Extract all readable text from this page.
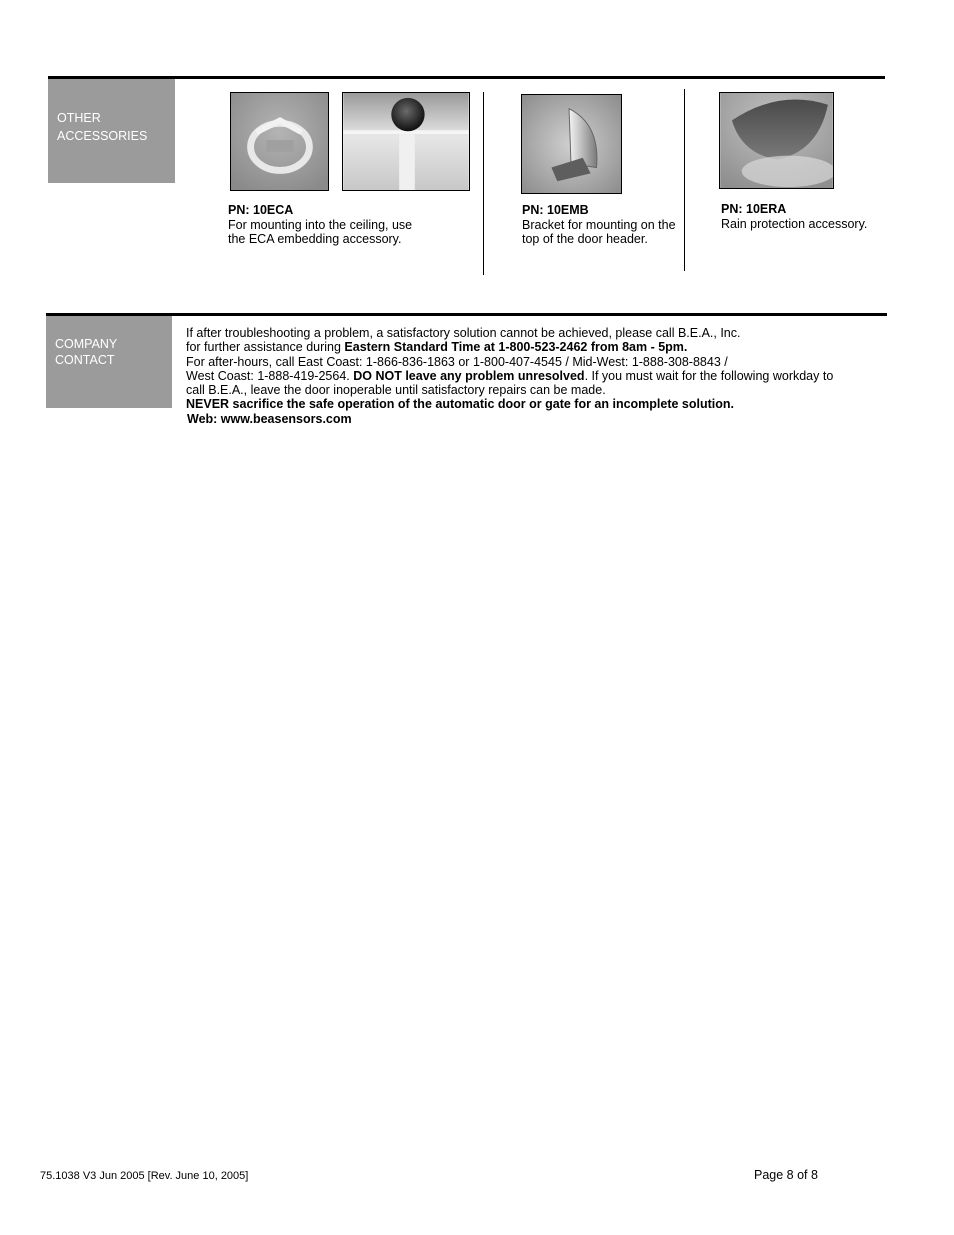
OTHER
ACCESSORIES
PN: 10ECA
For mounting into the ceiling, use
the ECA embedding accessory.
PN: 10EMB
Bracket for mounting on the
top of the door header.
PN: 10ERA
Rain protection accessory.
COMPANY
CONTACT
If after troubleshooting a problem, a satisfactory solution cannot be achieved, please call B.E.A., Inc.
for further assistance during Eastern Standard Time at 1-800-523-2462 from 8am - 5pm.
For after-hours, call East Coast: 1-866-836-1863 or 1-800-407-4545 / Mid-West: 1-888-308-8843 /
West Coast: 1-888-419-2564. DO NOT leave any problem unresolved. If you must wait for the following workday to
call B.E.A., leave the door inoperable until satisfactory repairs can be made.
NEVER sacrifice the safe operation of the automatic door or gate for an incomplete solution.
Web: www.beasensors.com
75.1038 V3 Jun 2005 [Rev. June 10, 2005]	Page 8 of 8
